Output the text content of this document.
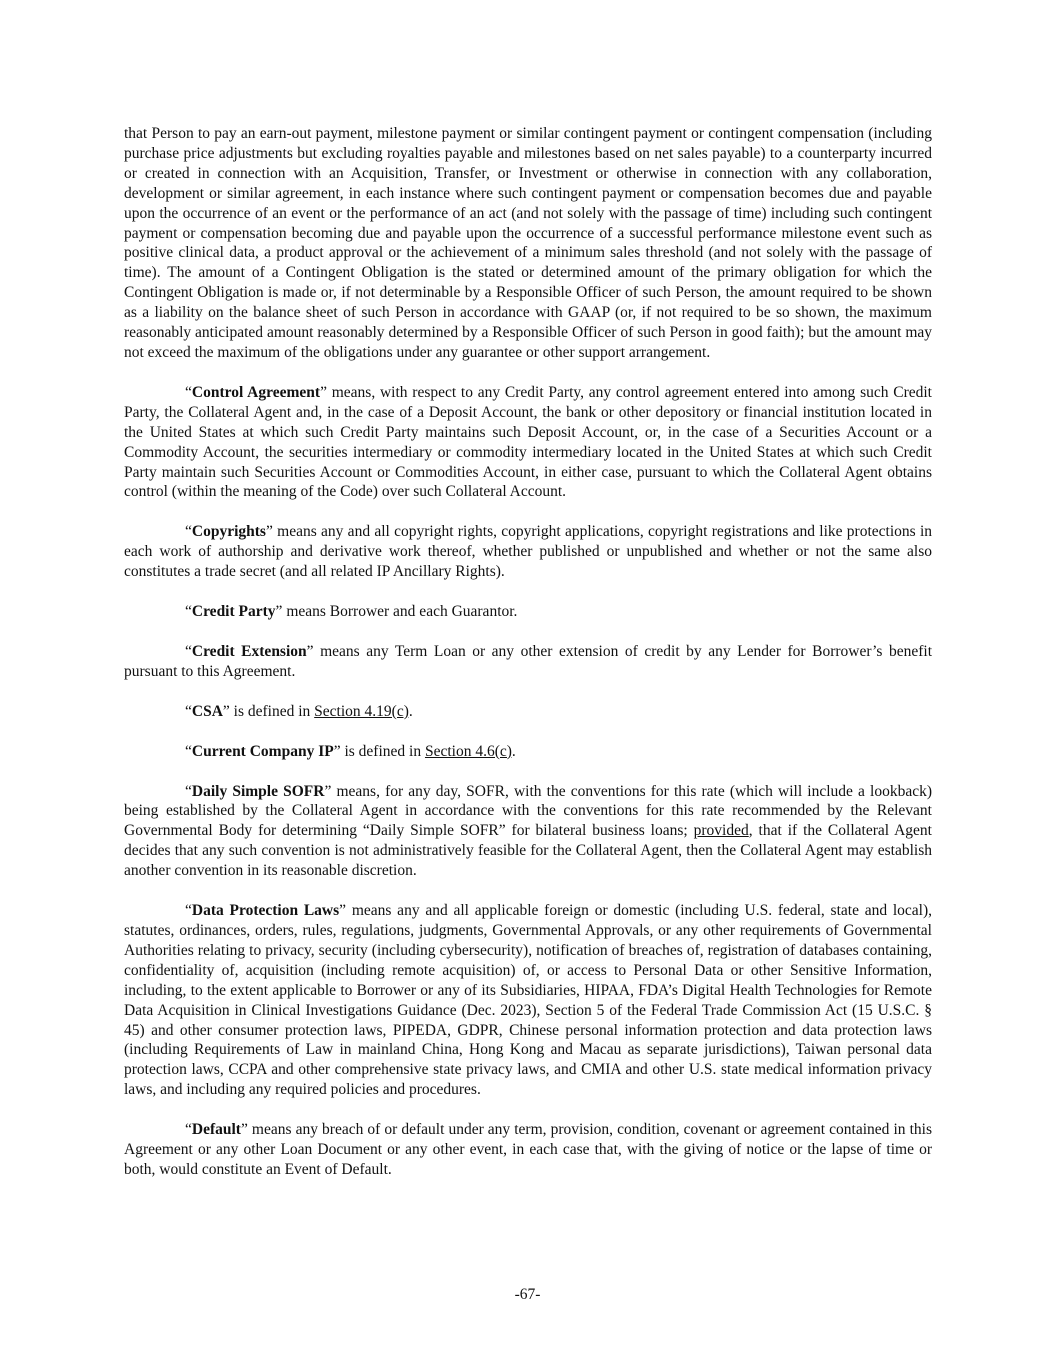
that Person to pay an earn-out payment, milestone payment or similar contingent payment or contingent compensation (including purchase price adjustments but excluding royalties payable and milestones based on net sales payable) to a counterparty incurred or created in connection with an Acquisition, Transfer, or Investment or otherwise in connection with any collaboration, development or similar agreement, in each instance where such contingent payment or compensation becomes due and payable upon the occurrence of an event or the performance of an act (and not solely with the passage of time) including such contingent payment or compensation becoming due and payable upon the occurrence of a successful performance milestone event such as positive clinical data, a product approval or the achievement of a minimum sales threshold (and not solely with the passage of time). The amount of a Contingent Obligation is the stated or determined amount of the primary obligation for which the Contingent Obligation is made or, if not determinable by a Responsible Officer of such Person, the amount required to be shown as a liability on the balance sheet of such Person in accordance with GAAP (or, if not required to be so shown, the maximum reasonably anticipated amount reasonably determined by a Responsible Officer of such Person in good faith); but the amount may not exceed the maximum of the obligations under any guarantee or other support arrangement.

“Control Agreement” means, with respect to any Credit Party, any control agreement entered into among such Credit Party, the Collateral Agent and, in the case of a Deposit Account, the bank or other depository or financial institution located in the United States at which such Credit Party maintains such Deposit Account, or, in the case of a Securities Account or a Commodity Account, the securities intermediary or commodity intermediary located in the United States at which such Credit Party maintain such Securities Account or Commodities Account, in either case, pursuant to which the Collateral Agent obtains control (within the meaning of the Code) over such Collateral Account.

“Copyrights” means any and all copyright rights, copyright applications, copyright registrations and like protections in each work of authorship and derivative work thereof, whether published or unpublished and whether or not the same also constitutes a trade secret (and all related IP Ancillary Rights).

“Credit Party” means Borrower and each Guarantor.

“Credit Extension” means any Term Loan or any other extension of credit by any Lender for Borrower’s benefit pursuant to this Agreement.

“CSA” is defined in Section 4.19(c).

“Current Company IP” is defined in Section 4.6(c).

“Daily Simple SOFR” means, for any day, SOFR, with the conventions for this rate (which will include a lookback) being established by the Collateral Agent in accordance with the conventions for this rate recommended by the Relevant Governmental Body for determining “Daily Simple SOFR” for bilateral business loans; provided, that if the Collateral Agent decides that any such convention is not administratively feasible for the Collateral Agent, then the Collateral Agent may establish another convention in its reasonable discretion.

“Data Protection Laws” means any and all applicable foreign or domestic (including U.S. federal, state and local), statutes, ordinances, orders, rules, regulations, judgments, Governmental Approvals, or any other requirements of Governmental Authorities relating to privacy, security (including cybersecurity), notification of breaches of, registration of databases containing, confidentiality of, acquisition (including remote acquisition) of, or access to Personal Data or other Sensitive Information, including, to the extent applicable to Borrower or any of its Subsidiaries, HIPAA, FDA’s Digital Health Technologies for Remote Data Acquisition in Clinical Investigations Guidance (Dec. 2023), Section 5 of the Federal Trade Commission Act (15 U.S.C. § 45) and other consumer protection laws, PIPEDA, GDPR, Chinese personal information protection and data protection laws (including Requirements of Law in mainland China, Hong Kong and Macau as separate jurisdictions), Taiwan personal data protection laws, CCPA and other comprehensive state privacy laws, and CMIA and other U.S. state medical information privacy laws, and including any required policies and procedures.

“Default” means any breach of or default under any term, provision, condition, covenant or agreement contained in this Agreement or any other Loan Document or any other event, in each case that, with the giving of notice or the lapse of time or both, would constitute an Event of Default.

-67-
